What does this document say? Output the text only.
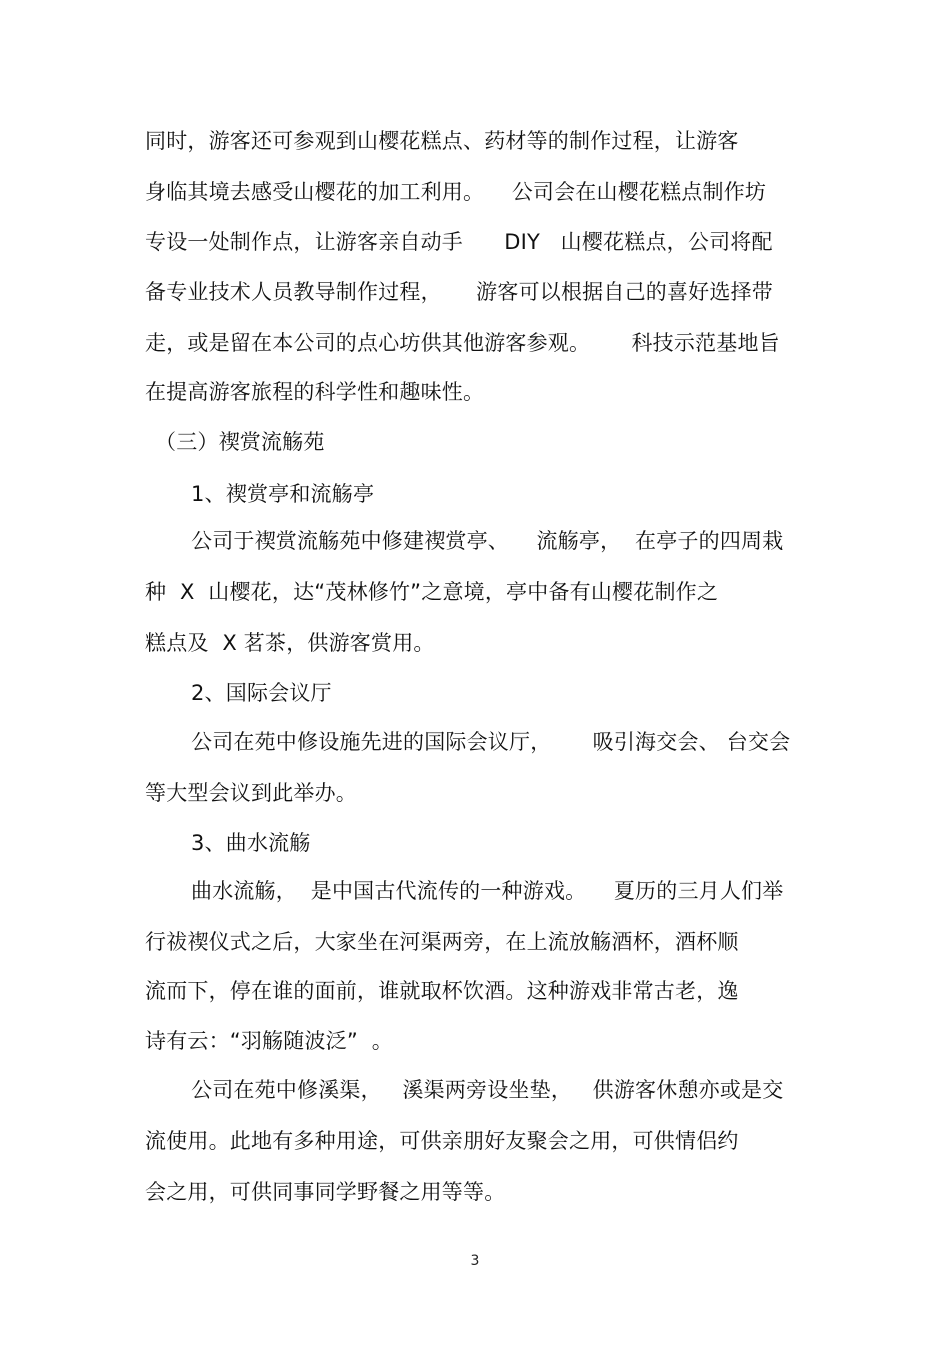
同时，游客还可参观到山樱花糕点、药材等的制作过程，让游客
身临其境去感受山樱花的加工利用。    公司会在山樱花糕点制作坊
专设一处制作点，让游客亲自动手      DIY   山樱花糕点，公司将配
备专业技术人员教导制作过程，     游客可以根据自己的喜好选择带
走，或是留在本公司的点心坊供其他游客参观。      科技示范基地旨
在提高游客旅程的科学性和趣味性。
（三）禊赏流觞苑
1、禊赏亭和流觞亭
公司于禊赏流觞苑中修建禊赏亭、    流觞亭，  在亭子的四周栽
种  X  山樱花，达“茂林修竹”之意境，亭中备有山樱花制作之
糕点及  X 茗茶，供游客赏用。
2、国际会议厅
公司在苑中修设施先进的国际会议厅，      吸引海交会、 台交会
等大型会议到此举办。
3、曲水流觞
曲水流觞，  是中国古代流传的一种游戏。    夏历的三月人们举
行祓禊仪式之后，大家坐在河渠两旁，在上流放觞酒杯，酒杯顺
流而下，停在谁的面前，谁就取杯饮酒。这种游戏非常古老，逸
诗有云：“羽觞随波泛”  。
公司在苑中修溪渠，   溪渠两旁设坐垫，   供游客休憩亦或是交
流使用。此地有多种用途，可供亲朋好友聚会之用，可供情侣约
会之用，可供同事同学野餐之用等等。
3
